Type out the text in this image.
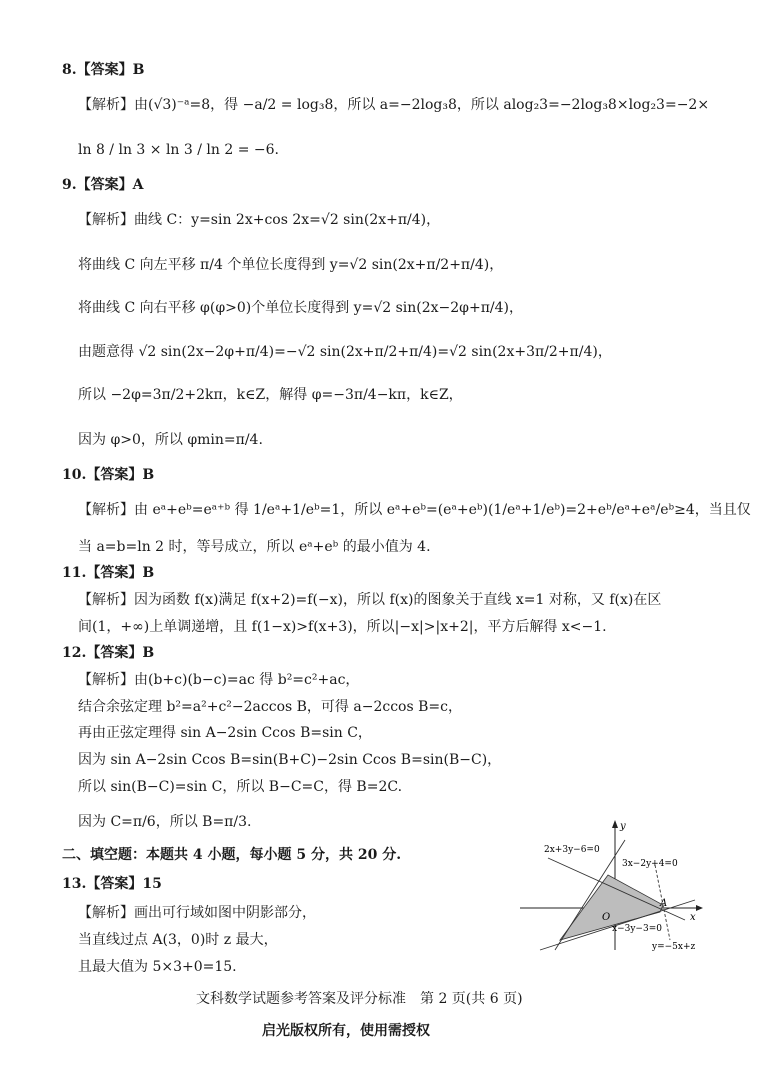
8.【答案】B
【解析】由(√3)⁻ᵃ=8，得 −a/2 = log₃8，所以 a=−2log₃8，所以 alog₂3=−2log₃8×log₂3=−2×
ln 8 / ln 3 × ln 3 / ln 2 = −6.
9.【答案】A
【解析】曲线 C：y=sin 2x+cos 2x=√2 sin(2x+π/4)，
将曲线 C 向左平移 π/4 个单位长度得到 y=√2 sin(2x+π/2+π/4)，
将曲线 C 向右平移 φ(φ>0)个单位长度得到 y=√2 sin(2x−2φ+π/4)，
由题意得 √2 sin(2x−2φ+π/4)=−√2 sin(2x+π/2+π/4)=√2 sin(2x+3π/2+π/4)，
所以 −2φ=3π/2+2kπ，k∈Z，解得 φ=−3π/4−kπ，k∈Z，
因为 φ>0，所以 φmin=π/4.
10.【答案】B
【解析】由 eᵃ+eᵇ=eᵃ⁺ᵇ 得 1/eᵃ+1/eᵇ=1，所以 eᵃ+eᵇ=(eᵃ+eᵇ)(1/eᵃ+1/eᵇ)=2+eᵇ/eᵃ+eᵃ/eᵇ≥4，当且仅
当 a=b=ln 2 时，等号成立，所以 eᵃ+eᵇ 的最小值为 4.
11.【答案】B
【解析】因为函数 f(x)满足 f(x+2)=f(−x)，所以 f(x)的图象关于直线 x=1 对称，又 f(x)在区
间(1，+∞)上单调递增，且 f(1−x)>f(x+3)，所以|−x|>|x+2|，平方后解得 x<−1.
12.【答案】B
【解析】由(b+c)(b−c)=ac 得 b²=c²+ac，
结合余弦定理 b²=a²+c²−2accos B，可得 a−2ccos B=c，
再由正弦定理得 sin A−2sin Ccos B=sin C，
因为 sin A−2sin Ccos B=sin(B+C)−2sin Ccos B=sin(B−C)，
所以 sin(B−C)=sin C，所以 B−C=C，得 B=2C.
因为 C=π/6，所以 B=π/3.
二、填空题：本题共 4 小题，每小题 5 分，共 20 分.
13.【答案】15
【解析】画出可行域如图中阴影部分，
当直线过点 A(3，0)时 z 最大，
且最大值为 5×3+0=15.
y
x
O
A
2x+3y−6=0
3x−2y+4=0
x−3y−3=0
y=−5x+z
文科数学试题参考答案及评分标准　第 2 页(共 6 页)
启光版权所有，使用需授权
